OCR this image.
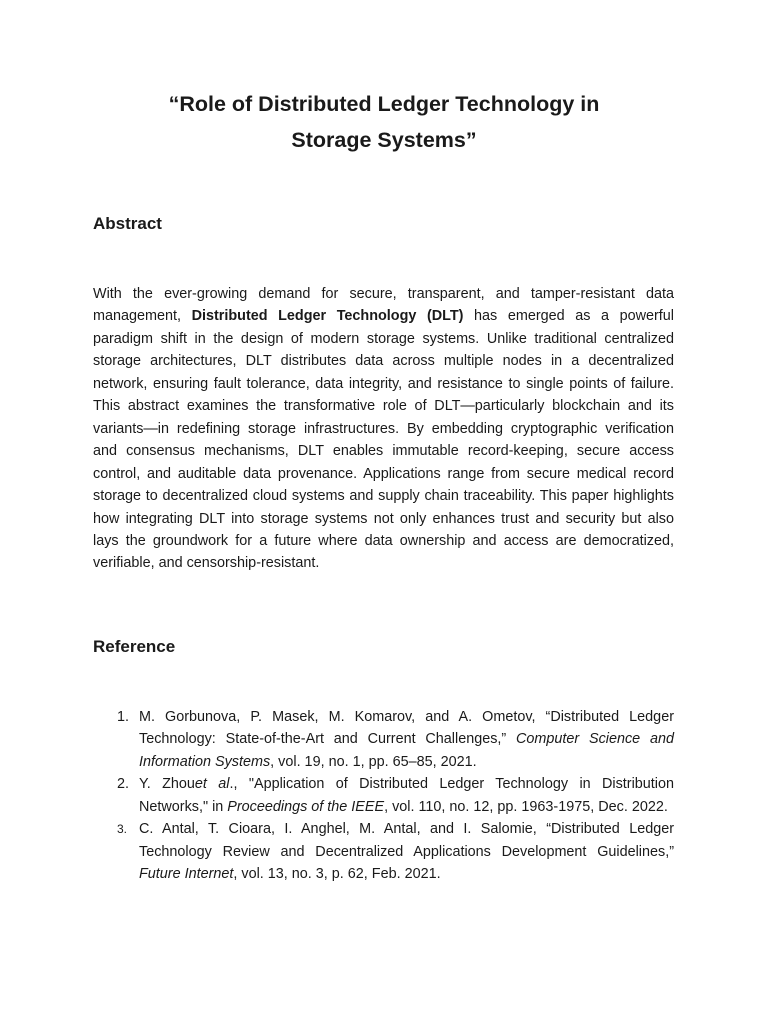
“Role of Distributed Ledger Technology in
Storage Systems”
Abstract

With the ever-growing demand for secure, transparent, and tamper-resistant data management, Distributed Ledger Technology (DLT) has emerged as a powerful paradigm shift in the design of modern storage systems. Unlike traditional centralized storage architectures, DLT distributes data across multiple nodes in a decentralized network, ensuring fault tolerance, data integrity, and resistance to single points of failure. This abstract examines the transformative role of DLT—particularly blockchain and its variants—in redefining storage infrastructures. By embedding cryptographic verification and consensus mechanisms, DLT enables immutable record-keeping, secure access control, and auditable data provenance. Applications range from secure medical record storage to decentralized cloud systems and supply chain traceability. This paper highlights how integrating DLT into storage systems not only enhances trust and security but also lays the groundwork for a future where data ownership and access are democratized, verifiable, and censorship-resistant.

Reference
1. M. Gorbunova, P. Masek, M. Komarov, and A. Ometov, “Distributed Ledger Technology: State-of-the-Art and Current Challenges,” Computer Science and Information Systems, vol. 19, no. 1, pp. 65–85, 2021.
2. Y. Zhouet al., "Application of Distributed Ledger Technology in Distribution Networks," in Proceedings of the IEEE, vol. 110, no. 12, pp. 1963-1975, Dec. 2022.
3. C. Antal, T. Cioara, I. Anghel, M. Antal, and I. Salomie, “Distributed Ledger Technology Review and Decentralized Applications Development Guidelines,” Future Internet, vol. 13, no. 3, p. 62, Feb. 2021.
